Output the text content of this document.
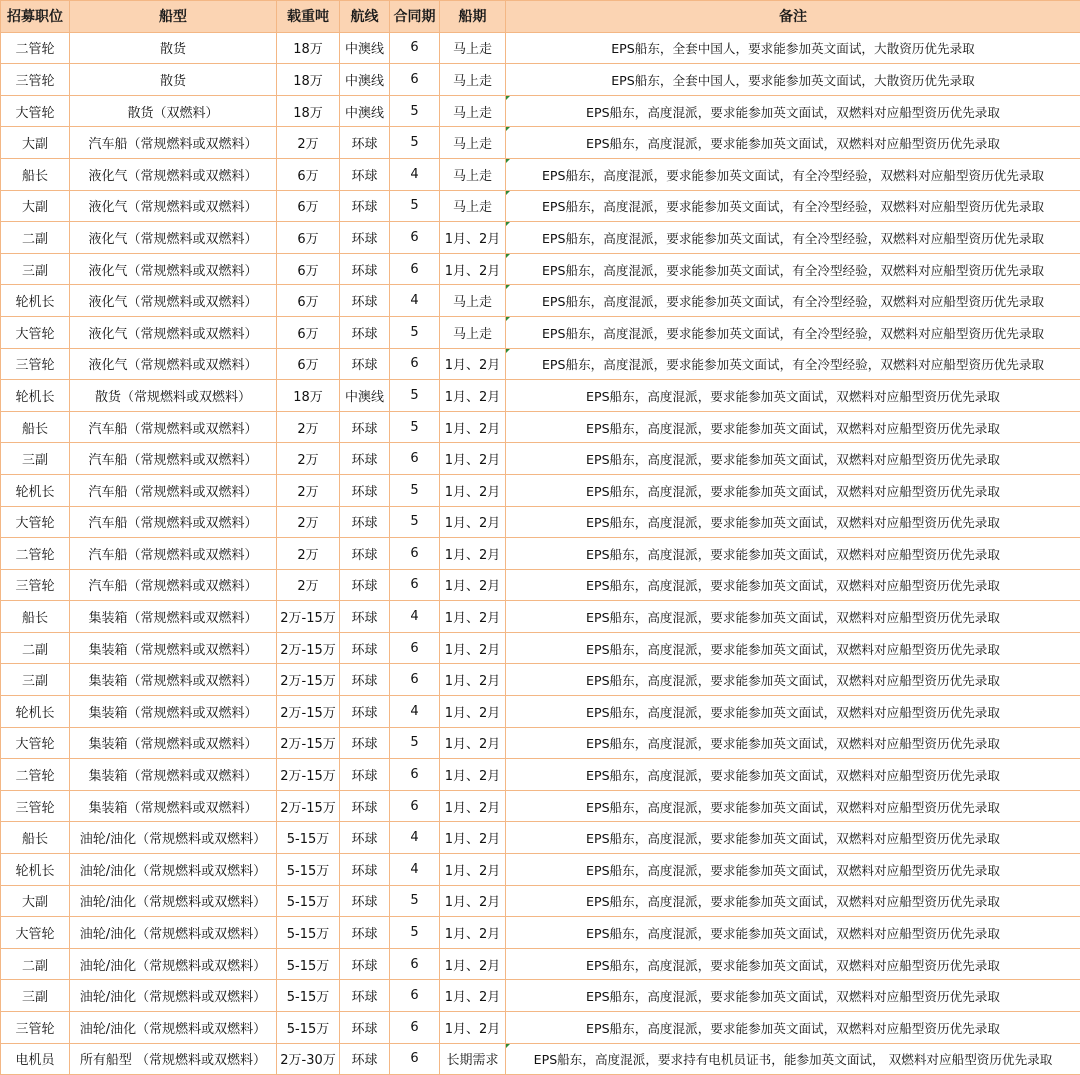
招募职位	船型	载重吨	航线	合同期	船期	备注
二管轮	散货	18万	中澳线	6	马上走	EPS船东，全套中国人，要求能参加英文面试，大散资历优先录取
三管轮	散货	18万	中澳线	6	马上走	EPS船东，全套中国人，要求能参加英文面试，大散资历优先录取
大管轮	散货（双燃料）	18万	中澳线	5	马上走	EPS船东，高度混派，要求能参加英文面试，双燃料对应船型资历优先录取
大副	汽车船（常规燃料或双燃料）	2万	环球	5	马上走	EPS船东，高度混派，要求能参加英文面试，双燃料对应船型资历优先录取
船长	液化气（常规燃料或双燃料）	6万	环球	4	马上走	EPS船东，高度混派，要求能参加英文面试，有全冷型经验，双燃料对应船型资历优先录取
大副	液化气（常规燃料或双燃料）	6万	环球	5	马上走	EPS船东，高度混派，要求能参加英文面试，有全冷型经验，双燃料对应船型资历优先录取
二副	液化气（常规燃料或双燃料）	6万	环球	6	1月、2月	EPS船东，高度混派，要求能参加英文面试，有全冷型经验，双燃料对应船型资历优先录取
三副	液化气（常规燃料或双燃料）	6万	环球	6	1月、2月	EPS船东，高度混派，要求能参加英文面试，有全冷型经验，双燃料对应船型资历优先录取
轮机长	液化气（常规燃料或双燃料）	6万	环球	4	马上走	EPS船东，高度混派，要求能参加英文面试，有全冷型经验，双燃料对应船型资历优先录取
大管轮	液化气（常规燃料或双燃料）	6万	环球	5	马上走	EPS船东，高度混派，要求能参加英文面试，有全冷型经验，双燃料对应船型资历优先录取
三管轮	液化气（常规燃料或双燃料）	6万	环球	6	1月、2月	EPS船东，高度混派，要求能参加英文面试，有全冷型经验，双燃料对应船型资历优先录取
轮机长	散货（常规燃料或双燃料）	18万	中澳线	5	1月、2月	EPS船东，高度混派，要求能参加英文面试，双燃料对应船型资历优先录取
船长	汽车船（常规燃料或双燃料）	2万	环球	5	1月、2月	EPS船东，高度混派，要求能参加英文面试，双燃料对应船型资历优先录取
三副	汽车船（常规燃料或双燃料）	2万	环球	6	1月、2月	EPS船东，高度混派，要求能参加英文面试，双燃料对应船型资历优先录取
轮机长	汽车船（常规燃料或双燃料）	2万	环球	5	1月、2月	EPS船东，高度混派，要求能参加英文面试，双燃料对应船型资历优先录取
大管轮	汽车船（常规燃料或双燃料）	2万	环球	5	1月、2月	EPS船东，高度混派，要求能参加英文面试，双燃料对应船型资历优先录取
二管轮	汽车船（常规燃料或双燃料）	2万	环球	6	1月、2月	EPS船东，高度混派，要求能参加英文面试，双燃料对应船型资历优先录取
三管轮	汽车船（常规燃料或双燃料）	2万	环球	6	1月、2月	EPS船东，高度混派，要求能参加英文面试，双燃料对应船型资历优先录取
船长	集装箱（常规燃料或双燃料）	2万-15万	环球	4	1月、2月	EPS船东，高度混派，要求能参加英文面试，双燃料对应船型资历优先录取
二副	集装箱（常规燃料或双燃料）	2万-15万	环球	6	1月、2月	EPS船东，高度混派，要求能参加英文面试，双燃料对应船型资历优先录取
三副	集装箱（常规燃料或双燃料）	2万-15万	环球	6	1月、2月	EPS船东，高度混派，要求能参加英文面试，双燃料对应船型资历优先录取
轮机长	集装箱（常规燃料或双燃料）	2万-15万	环球	4	1月、2月	EPS船东，高度混派，要求能参加英文面试，双燃料对应船型资历优先录取
大管轮	集装箱（常规燃料或双燃料）	2万-15万	环球	5	1月、2月	EPS船东，高度混派，要求能参加英文面试，双燃料对应船型资历优先录取
二管轮	集装箱（常规燃料或双燃料）	2万-15万	环球	6	1月、2月	EPS船东，高度混派，要求能参加英文面试，双燃料对应船型资历优先录取
三管轮	集装箱（常规燃料或双燃料）	2万-15万	环球	6	1月、2月	EPS船东，高度混派，要求能参加英文面试，双燃料对应船型资历优先录取
船长	油轮/油化（常规燃料或双燃料）	5-15万	环球	4	1月、2月	EPS船东，高度混派，要求能参加英文面试，双燃料对应船型资历优先录取
轮机长	油轮/油化（常规燃料或双燃料）	5-15万	环球	4	1月、2月	EPS船东，高度混派，要求能参加英文面试，双燃料对应船型资历优先录取
大副	油轮/油化（常规燃料或双燃料）	5-15万	环球	5	1月、2月	EPS船东，高度混派，要求能参加英文面试，双燃料对应船型资历优先录取
大管轮	油轮/油化（常规燃料或双燃料）	5-15万	环球	5	1月、2月	EPS船东，高度混派，要求能参加英文面试，双燃料对应船型资历优先录取
二副	油轮/油化（常规燃料或双燃料）	5-15万	环球	6	1月、2月	EPS船东，高度混派，要求能参加英文面试，双燃料对应船型资历优先录取
三副	油轮/油化（常规燃料或双燃料）	5-15万	环球	6	1月、2月	EPS船东，高度混派，要求能参加英文面试，双燃料对应船型资历优先录取
三管轮	油轮/油化（常规燃料或双燃料）	5-15万	环球	6	1月、2月	EPS船东，高度混派，要求能参加英文面试，双燃料对应船型资历优先录取
电机员	所有船型 （常规燃料或双燃料）	2万-30万	环球	6	长期需求	EPS船东，高度混派，要求持有电机员证书，能参加英文面试， 双燃料对应船型资历优先录取
